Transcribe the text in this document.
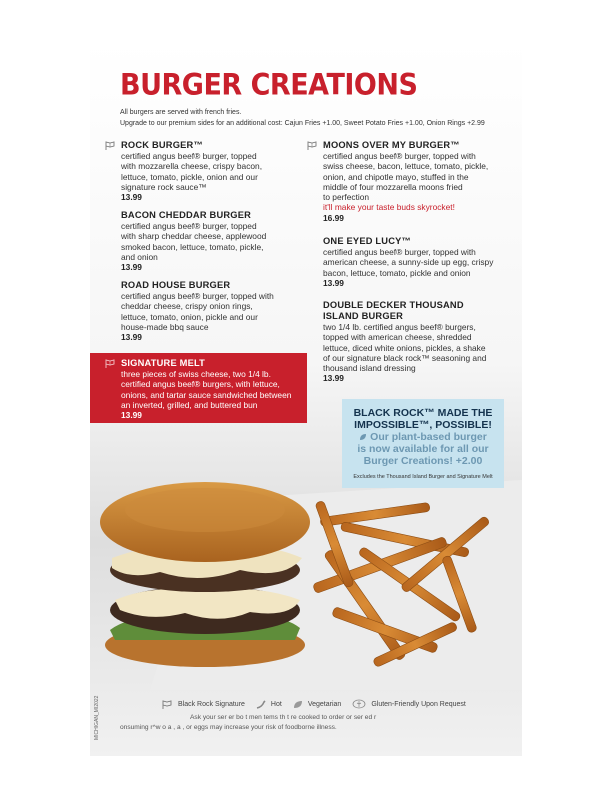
BURGER CREATIONS
All burgers are served with french fries.
Upgrade to our premium sides for an additional cost: Cajun Fries +1.00, Sweet Potato Fries +1.00, Onion Rings +2.99
ROCK BURGER™
certified angus beef® burger, topped
with mozzarella cheese, crispy bacon,
lettuce, tomato, pickle, onion and our
signature rock sauce™
13.99
BACON CHEDDAR BURGER
certified angus beef® burger, topped
with sharp cheddar cheese, applewood
smoked bacon, lettuce, tomato, pickle,
and onion
13.99
ROAD HOUSE BURGER
certified angus beef® burger, topped with
cheddar cheese, crispy onion rings,
lettuce, tomato, onion, pickle and our
house-made bbq sauce
13.99
SIGNATURE MELT
three pieces of swiss cheese, two 1/4 lb.
certified angus beef® burgers, with lettuce,
onions, and tartar sauce sandwiched between
an inverted, grilled, and buttered bun
13.99
MOONS OVER MY BURGER™
certified angus beef® burger, topped with
swiss cheese, bacon, lettuce, tomato, pickle,
onion, and chipotle mayo, stuffed in the
middle of four mozzarella moons fried
to perfection
it'll make your taste buds skyrocket!
16.99
ONE EYED LUCY™
certified angus beef® burger, topped with
american cheese, a sunny-side up egg, crispy
bacon, lettuce, tomato, pickle and onion
13.99
DOUBLE DECKER THOUSAND
ISLAND BURGER
two 1/4 lb. certified angus beef® burgers,
topped with american cheese, shredded
lettuce, diced white onions, pickles, a shake
of our signature black rock™ seasoning and
thousand island dressing
13.99
BLACK ROCK™ MADE THE
IMPOSSIBLE™, POSSIBLE!
Our plant-based burger
is now available for all our
Burger Creations! +2.00
Excludes the Thousand Island Burger and Signature Melt
Black Rock Signature	Hot	Vegetarian	Gluten-Friendly Upon Request
Ask your ser er bo t men tems th t re cooked to order or ser ed r
onsuming r^w o a , a , or eggs may increase your risk of foodborne illness.
MICHIGAN_MI2022
